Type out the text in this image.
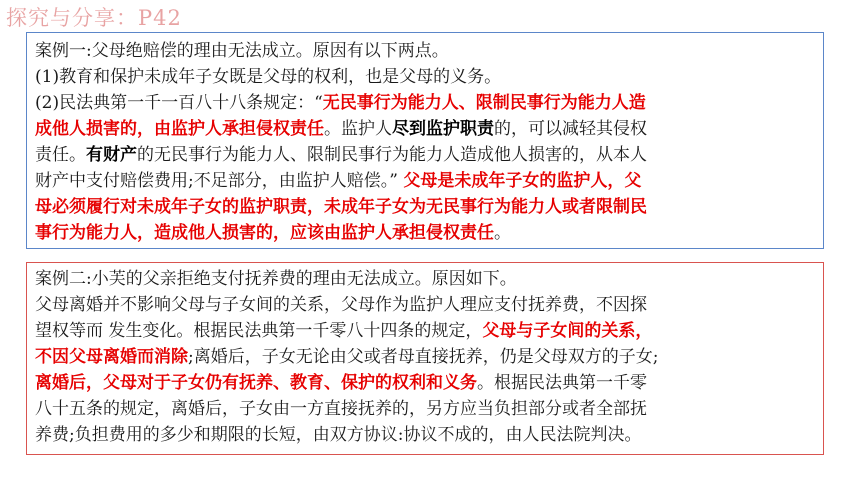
探究与分享：P42
案例一:父母绝赔偿的理由无法成立。原因有以下两点。
(1)教育和保护未成年子女既是父母的权利，也是父母的义务。
(2)民法典第一千一百八十八条规定：“无民事行为能力人、限制民事行为能力人造
成他人损害的，由监护人承担侵权责任。监护人尽到监护职责的，可以减轻其侵权
责任。有财产的无民事行为能力人、限制民事行为能力人造成他人损害的，从本人
财产中支付赔偿费用;不足部分，由监护人赔偿。” 父母是未成年子女的监护人，父
母必须履行对未成年子女的监护职责，未成年子女为无民事行为能力人或者限制民
事行为能力人，造成他人损害的，应该由监护人承担侵权责任。
案例二:小芙的父亲拒绝支付抚养费的理由无法成立。原因如下。
父母离婚并不影响父母与子女间的关系，父母作为监护人理应支付抚养费，不因探
望权等而 发生变化。根据民法典第一千零八十四条的规定，父母与子女间的关系，
不因父母离婚而消除;离婚后，子女无论由父或者母直接抚养，仍是父母双方的子女;
离婚后，父母对于子女仍有抚养、教育、保护的权利和义务。根据民法典第一千零
八十五条的规定，离婚后，子女由一方直接抚养的，另方应当负担部分或者全部抚
养费;负担费用的多少和期限的长短，由双方协议:协议不成的，由人民法院判决。
